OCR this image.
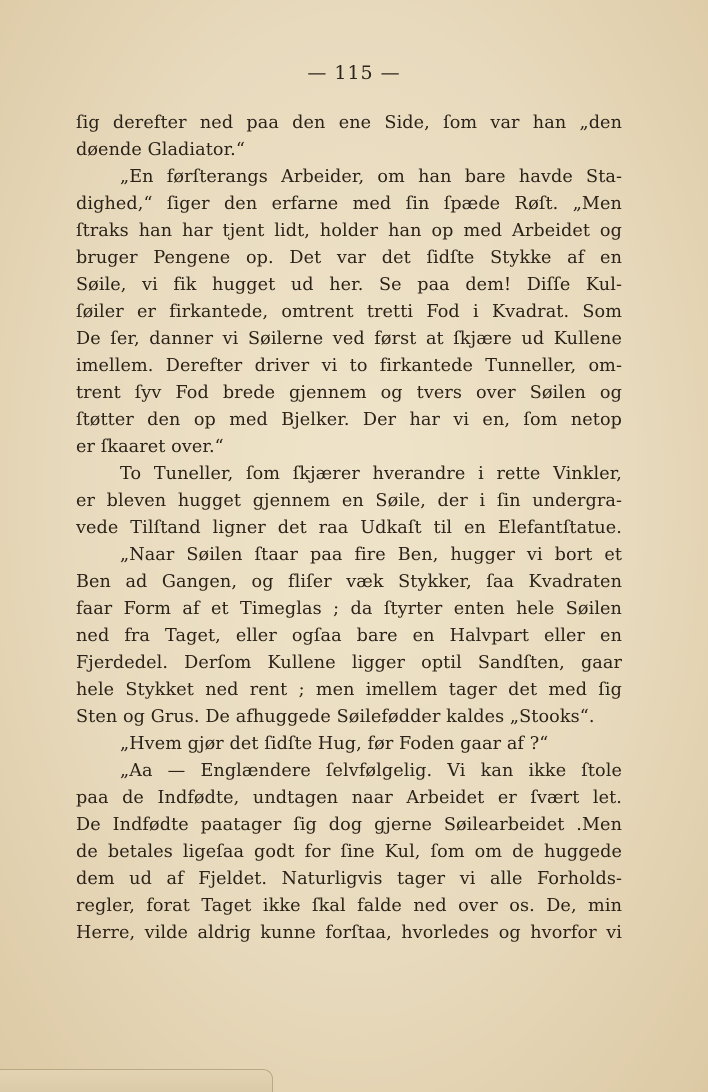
— 115 —
ſig derefter ned paa den ene Side, ſom var han „den
døende Gladiator.“
„En førſterangs Arbeider, om han bare havde Sta-
dighed,“ ſiger den erfarne med ſin ſpæde Røſt. „Men
ſtraks han har tjent lidt, holder han op med Arbeidet og
bruger Pengene op. Det var det ſidſte Stykke af en
Søile, vi fik hugget ud her. Se paa dem! Diſſe Kul-
ſøiler er firkantede, omtrent tretti Fod i Kvadrat. Som
De ſer, danner vi Søilerne ved først at ſkjære ud Kullene
imellem. Derefter driver vi to firkantede Tunneller, om-
trent ſyv Fod brede gjennem og tvers over Søilen og
ſtøtter den op med Bjelker. Der har vi en, ſom netop
er ſkaaret over.“
To Tuneller, ſom ſkjærer hverandre i rette Vinkler,
er bleven hugget gjennem en Søile, der i ſin undergra-
vede Tilſtand ligner det raa Udkaſt til en Elefantſtatue.
„Naar Søilen ſtaar paa fire Ben, hugger vi bort et
Ben ad Gangen, og fliſer væk Stykker, ſaa Kvadraten
faar Form af et Timeglas ; da ſtyrter enten hele Søilen
ned fra Taget, eller ogſaa bare en Halvpart eller en
Fjerdedel. Derſom Kullene ligger optil Sandſten, gaar
hele Stykket ned rent ; men imellem tager det med ſig
Sten og Grus. De afhuggede Søilefødder kaldes „Stooks“.
„Hvem gjør det ſidſte Hug, før Foden gaar af ?“
„Aa — Englændere ſelvfølgelig. Vi kan ikke ſtole
paa de Indfødte, undtagen naar Arbeidet er ſvært let.
De Indfødte paatager ſig dog gjerne Søilearbeidet .Men
de betales ligeſaa godt for ſine Kul, ſom om de huggede
dem ud af Fjeldet. Naturligvis tager vi alle Forholds-
regler, forat Taget ikke ſkal falde ned over os. De, min
Herre, vilde aldrig kunne forſtaa, hvorledes og hvorfor vi
